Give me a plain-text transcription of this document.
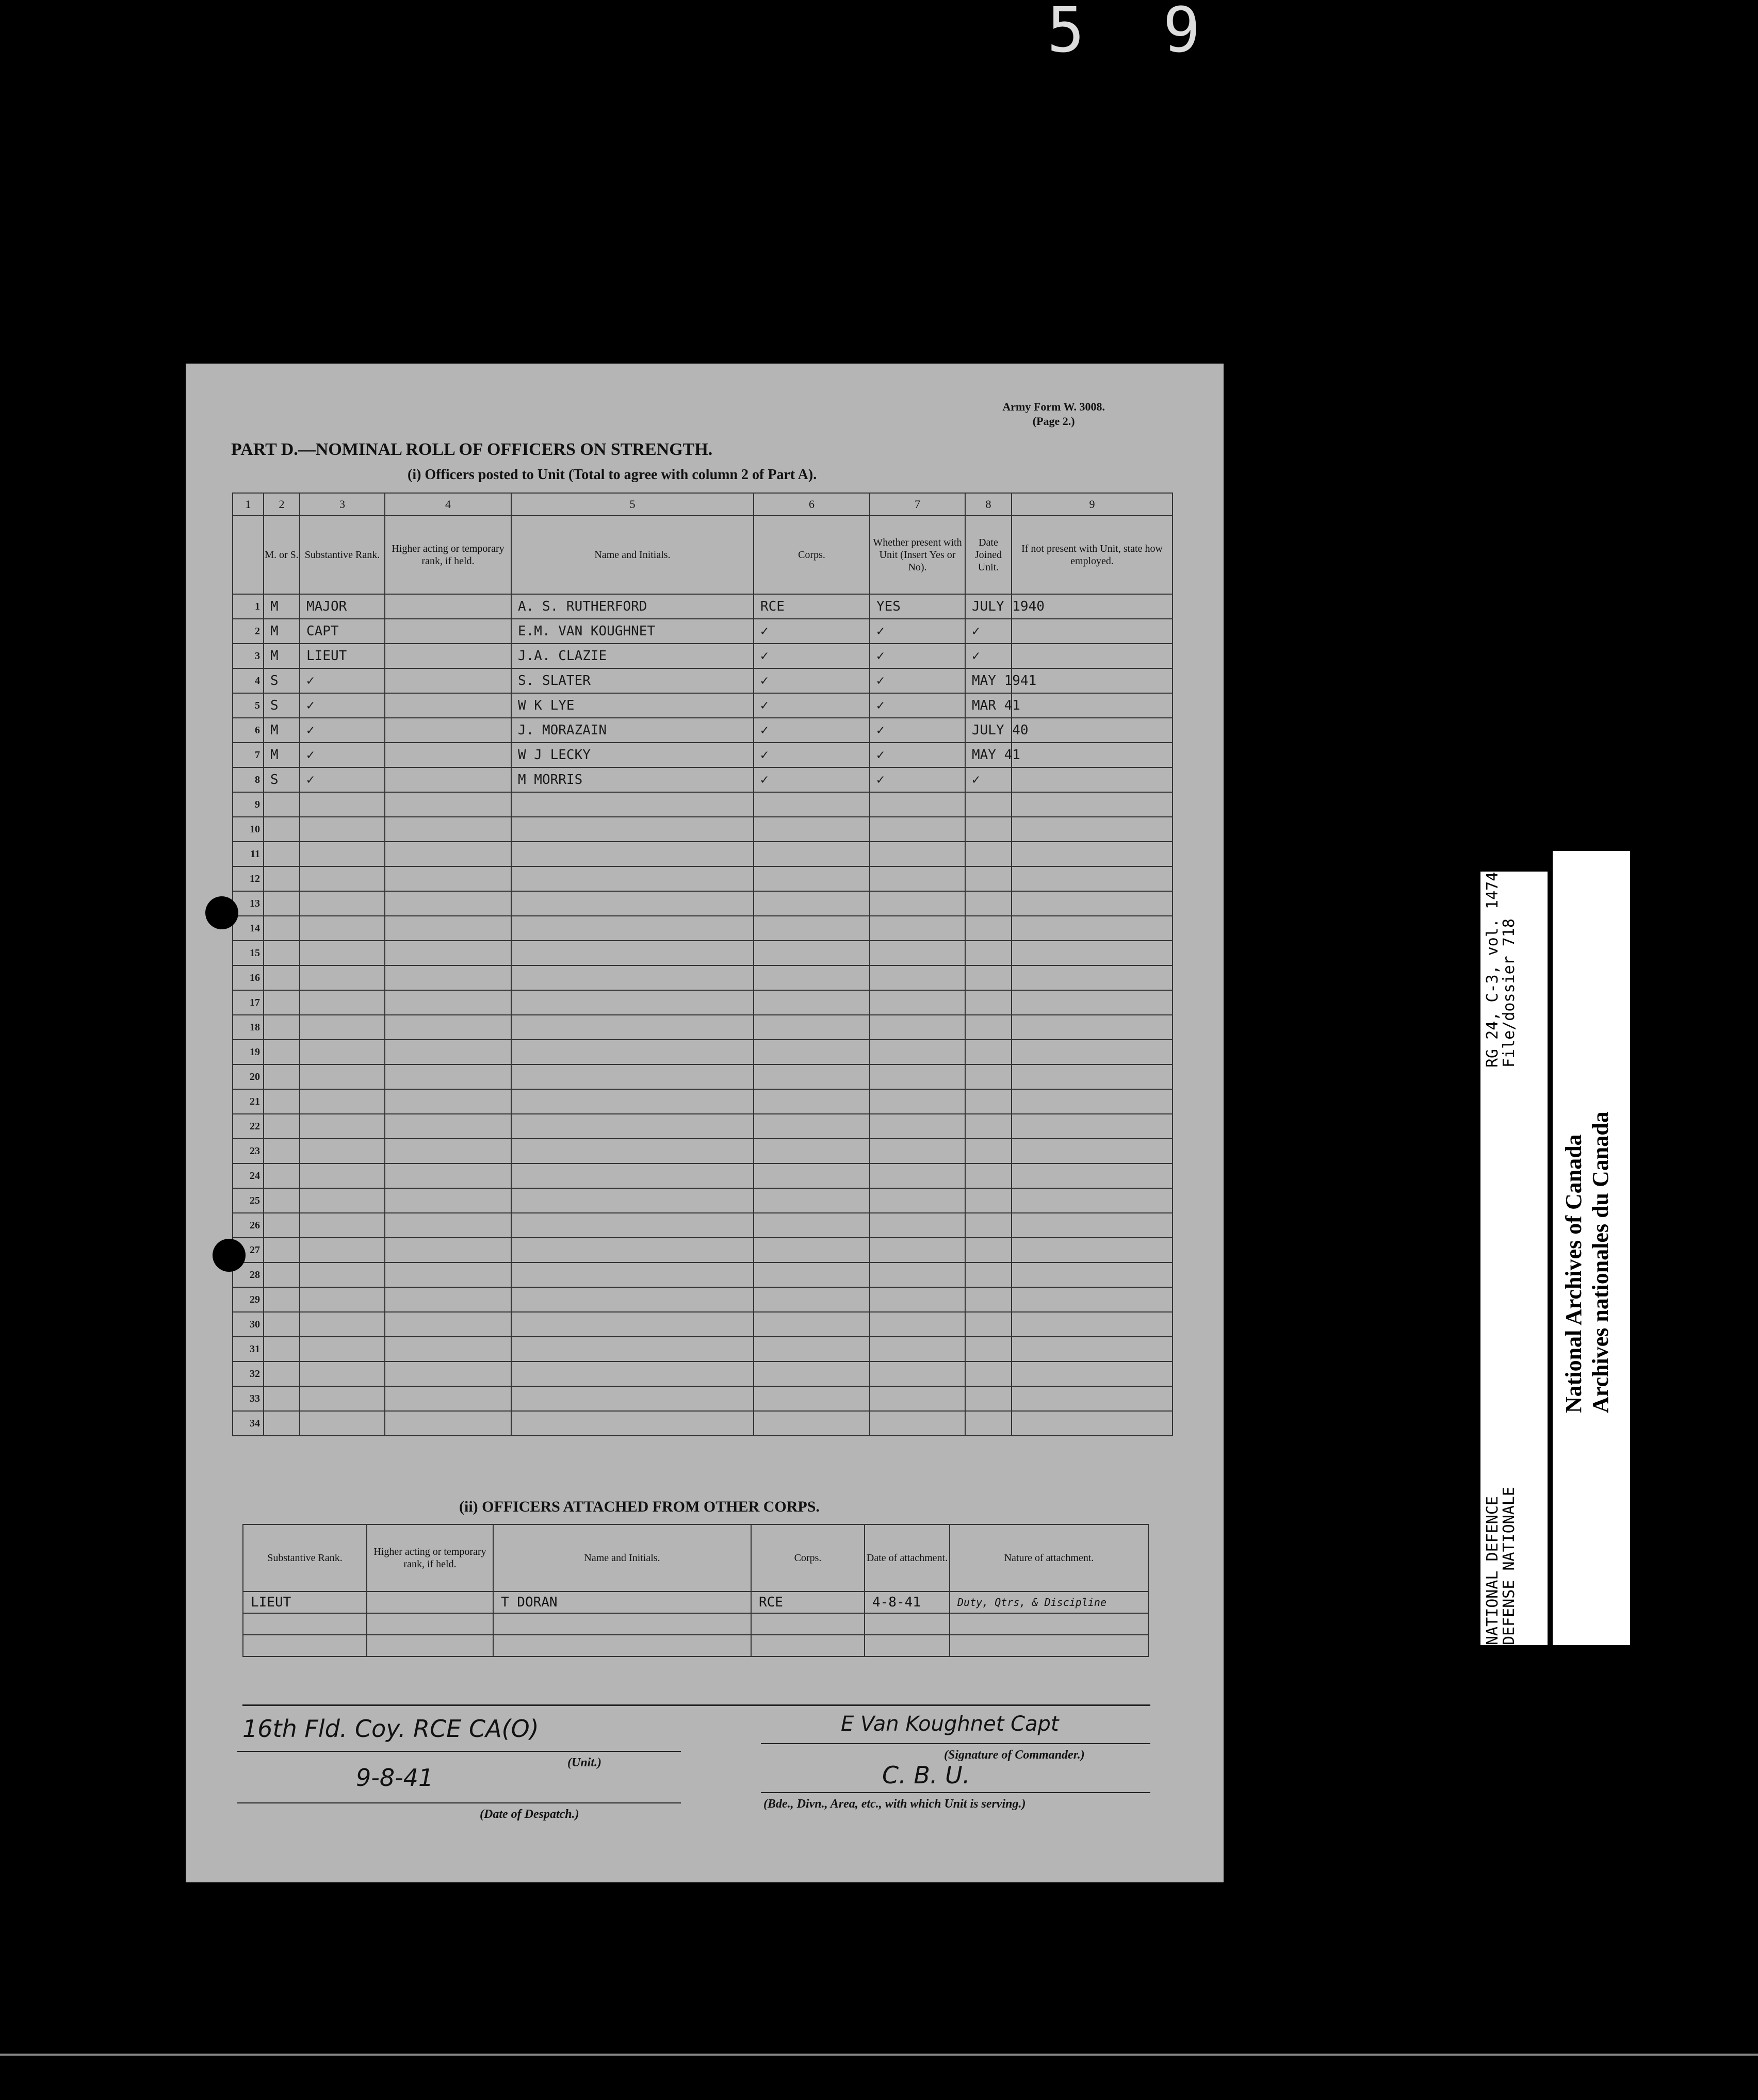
5 9
Army Form W. 3008.
(Page 2.)
PART D.—NOMINAL ROLL OF OFFICERS ON STRENGTH.
(i) Officers posted to Unit (Total to agree with column 2 of Part A).
1	2	3	4	5	6	7	8	9
	M. or S.	Substantive Rank.	Higher acting or temporary rank, if held.	Name and Initials.	Corps.	Whether present with Unit (Insert Yes or No).	Date Joined Unit.	If not present with Unit, state how employed.
1	M	MAJOR		A. S. RUTHERFORD	RCE	YES	JULY 1940	
2	M	CAPT		E.M. VAN KOUGHNET	✓	✓	✓	
3	M	LIEUT		J.A. CLAZIE	✓	✓	✓	
4	S	✓		S. SLATER	✓	✓	MAY 1941	
5	S	✓		W K LYE	✓	✓	MAR 41	
6	M	✓		J. MORAZAIN	✓	✓	JULY 40	
7	M	✓		W J LECKY	✓	✓	MAY 41	
8	S	✓		M MORRIS	✓	✓	✓	
9								
10								
11								
12								
13								
14								
15								
16								
17								
18								
19								
20								
21								
22								
23								
24								
25								
26								
27								
28								
29								
30								
31								
32								
33								
34								
(ii) OFFICERS ATTACHED FROM OTHER CORPS.
Substantive Rank.	Higher acting or temporary rank, if held.	Name and Initials.	Corps.	Date of attachment.	Nature of attachment.
LIEUT		T DORAN	RCE	4-8-41	Duty, Qtrs, & Discipline

16th Fld. Coy. RCE CA(O)
(Unit.)
9-8-41
(Date of Despatch.)
E Van Koughnet Capt
(Signature of Commander.)
C. B. U.
(Bde., Divn., Area, etc., with which Unit is serving.)
NATIONAL DEFENCE
DEFENSE NATIONALE
RG 24, C-3, vol. 14742
File/dossier 718
National Archives of Canada Archives nationales du Canada
